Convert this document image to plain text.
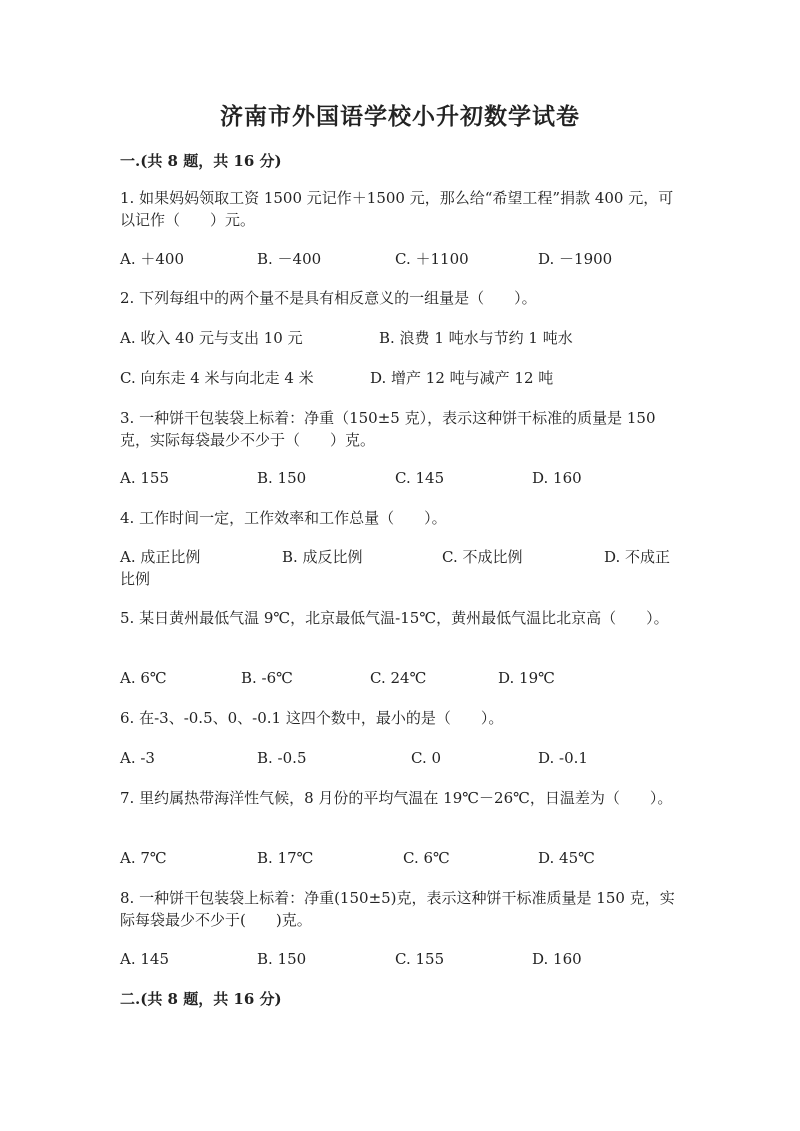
济南市外国语学校小升初数学试卷
一.(共 8 题，共 16 分)
1. 如果妈妈领取工资 1500 元记作＋1500 元，那么给“希望工程”捐款 400 元，可以记作（　　）元。
A. ＋400	B. －400	C. ＋1100	D. －1900
2. 下列每组中的两个量不是具有相反意义的一组量是（　　）。
A. 收入 40 元与支出 10 元	B. 浪费 1 吨水与节约 1 吨水
C. 向东走 4 米与向北走 4 米	D. 增产 12 吨与减产 12 吨
3. 一种饼干包装袋上标着：净重（150±5 克），表示这种饼干标准的质量是 150 克，实际每袋最少不少于（　　）克。
A. 155	B. 150	C. 145	D. 160
4. 工作时间一定，工作效率和工作总量（　　）。
A. 成正比例	B. 成反比例	C. 不成比例	D. 不成正
比例
5. 某日黄州最低气温 9℃，北京最低气温-15℃，黄州最低气温比北京高（　　）。
A. 6℃	B. -6℃	C. 24℃	D. 19℃
6. 在-3、-0.5、0、-0.1 这四个数中，最小的是（　　）。
A. -3	B. -0.5	C. 0	D. -0.1
7. 里约属热带海洋性气候，8 月份的平均气温在 19℃－26℃，日温差为（　　）。
A. 7℃	B. 17℃	C. 6℃	D. 45℃
8. 一种饼干包装袋上标着：净重(150±5)克，表示这种饼干标准质量是 150 克，实际每袋最少不少于(　　)克。
A. 145	B. 150	C. 155	D. 160
二.(共 8 题，共 16 分)
